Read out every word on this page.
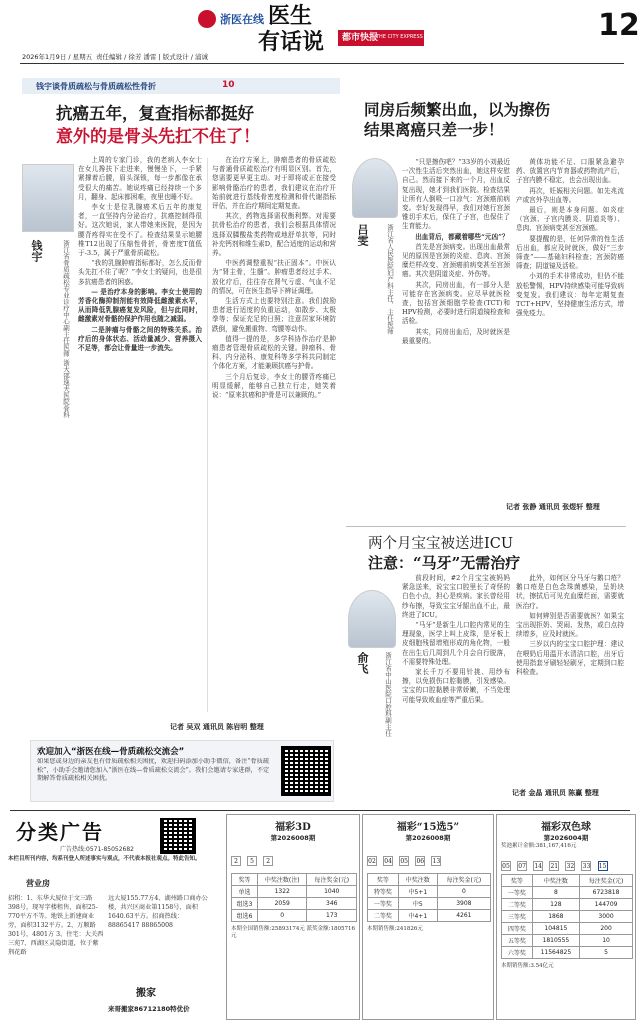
浙医在线 医生
有话说	都市快报
THE CITY EXPRESS	12
2026年1月9日 / 星期五 责任编辑 / 徐芳 潘雷 | 版式设计 / 浦诚
钱宇谈骨质疏松与骨质疏松性骨折	10
抗癌五年，复查指标都挺好
意外的是骨头先扛不住了！
钱宇	浙江省骨质疏松专业诊疗中心副主任医师 浙大邵逸夫医院骨科

上周的专家门诊，我的老病人李女士在女儿搀扶下走进来，慢慢坐下，一手紧紧撑着后腰，眉头深锁，每一步都像在承受很大的痛苦。她说疼痛已经持续一个多月，翻身、起床都困难，夜里也睡不好。

李女士是位乳腺癌术后五年的康复者，一直坚持内分泌治疗，抗癌控制得很好。这次她说，家人带她来医院，是因为腰背疼得实在受不了。检查结果显示她腰椎T12出现了压缩性骨折，骨密度T值低于-3.5，属于严重骨质疏松。

“我的乳腺肿瘤指标都好，怎么反而骨头先扛不住了呢？”李女士的疑问，也是很多抗癌患者的困惑。

— 是治疗本身的影响。李女士使用的芳香化酶抑制剂能有效降低雌激素水平，从而降低乳腺癌复发风险，但与此同时，雌激素对骨骼的保护作用也随之减弱。

二是肿瘤与骨骼之间的特殊关系。治疗后的身体状态、活动量减少、营养摄入不足等，都会让骨量进一步流失。

在治疗方案上，肿瘤患者的骨质疏松与普通骨质疏松治疗有明显区别。首先，您需要更早更主动。对于即将或正在接受影响骨骼治疗的患者，我们建议在治疗开始前就进行基线骨密度检测和骨代谢指标评估，并在治疗期间定期复查。

其次，药物选择需权衡利弊。对需要抗骨松治疗的患者，我们会根据具体情况选择双膦酸盐类药物或地舒单抗等，同时补充钙剂和维生素D，配合适度的运动和营养。

中医药调整重视“扶正固本”。中医认为“肾主骨，生髓”。肿瘤患者经过手术、放化疗后，往往存在肾气亏虚、气血不足的情况，可在医生指导下辨证调理。

生活方式上也要特别注意。我们鼓励患者进行适度的负重运动，如散步、太极拳等；保证充足的日照；注意居家环境防跌倒，避免搬重物、弯腰等动作。

值得一提的是，多学科协作治疗是肿瘤患者管理骨质疏松的关键。肿瘤科、骨科、内分泌科、康复科等多学科共同制定个体化方案，才能兼顾抗癌与护骨。

三个月后复诊，李女士的腰背疼痛已明显缓解，能够自己独立行走，她笑着说：“原来抗癌和护骨是可以兼顾的。”

记者 吴双 通讯员 陈岩明 整理
欢迎加入“浙医在线—骨质疏松交流会”
如果您或身边的亲友也有骨质疏松相关困扰，欢迎扫码添加小助手微信，备注“骨质疏松”，小助手会邀请您加入“浙医在线—骨质疏松交流会”。我们会邀请专家进群，不定期解答骨质疏松相关困扰。
同房后频繁出血，以为擦伤
结果离癌只差一步！
吕雯	浙江省人民医院妇产科主任、主任医师

“只是擦伤吧？”33岁的小刘最近一次性生活后突然出血，她这样安慰自己。然而接下来的一个月，出血反复出现，她才到我们医院。检查结果让所有人倒吸一口凉气：宫颈癌前病变。幸好发现得早，我们对她行宫颈锥切手术后，保住了子宫，也保住了生育能力。

出血背后，都藏着哪些“元凶”？

首先是宫颈病变。出现出血最常见的原因是宫颈的炎症、息肉、宫颈糜烂样改变、宫颈癌前病变甚至宫颈癌。其次是阴道炎症、外伤等。

其次，同房出血，有一部分人是可能存在宫颈病变。应尽早就医检查，包括宫颈细胞学检查(TCT)和HPV检测，必要时进行阴道镜检查和活检。

其实，同房出血后，及时就医是最重要的。

黄体功能不足、口服紧急避孕药、放置宫内节育器或药物流产后，子宫内膜不稳定，也会出现出血。

再次，妊娠相关问题。如先兆流产或宫外孕出血等。

最后，则是本身问题。如炎症（宫颈、子宫内膜炎、阴道炎等）、息肉、宫颈病变甚至宫颈癌。

要提醒的是，任何异常的性生活后出血，都应及时就医，做好“三步筛查”——基础妇科检查；宫颈防癌筛查；阴道镜及活检。

小刘的手术非常成功，但仍不能放松警惕，HPV持续感染可能导致病变复发。我们建议：每年定期复查TCT+HPV，坚持健康生活方式，增强免疫力。

记者 张静 通讯员 张煜轩 整理
两个月宝宝被送进ICU
注意：“马牙”无需治疗
俞飞	浙江省中山医院口腔科副主任

前段时间，#2个月宝宝被妈妈紧急送来，说宝宝口腔里长了奇怪的白色小点，担心是疾病。家长曾经用纱布擦，导致宝宝牙龈出血不止，最终进了ICU。

“马牙”是新生儿口腔内常见的生理现象，医学上叫上皮珠，是牙板上皮细胞残留增殖形成的角化物，一般在出生后几周到几个月会自行脱落，不需要特殊处理。

家长千万不要用针挑、用纱布擦，以免损伤口腔黏膜，引发感染。宝宝的口腔黏膜非常娇嫩，不当处理可能导致败血症等严重后果。

此外，如何区分马牙与鹅口疮？鹅口疮是白色念珠菌感染，呈奶块状，擦拭后可见充血糜烂面，需要就医治疗。

如何辨别是否需要就医？如果宝宝出现拒奶、哭闹、发热，或白点持续增多，应及时就医。

三岁以内的宝宝口腔护理：建议在喂奶后用温开水清洁口腔，出牙后使用指套牙刷轻轻刷牙，定期到口腔科检查。

记者 金晶 通讯员 陈赢 整理
分类广告
广告热线:0571-85052682
本栏目所刊内容，均系刊登人所述事实与观点，不代表本报社观点。特此告知。
营业房
招租：1、东华大厦位于文三路398号，现写字楼租售，面积25-770平方不等。地铁上新建商业旁，面积3132平方。2、万顺路301号，4801方 3、住宅：大关西三苑7、西湖区灵隐街道，位于紫荆花路
远大厦155.77方4、湖州路口商办公楼，共兴区商业第1158号，面积1640.63平方。招商热线：88865417 88865008
搬家
来哥搬家86712180特优价
福彩3D
第2026008期
2 5 2
奖等	中奖注数(注)	每注奖金(元)
单选	1322	1040
组选3	2059	346
组选6	0	173
本期全国销售额:25893174元 派奖金额:1805716元
福彩“15选5”
第2026008期
02 04 05 06 13
奖等	中奖注数	每注奖金(元)
特等奖	中5+1	0
一等奖	中5	3908
二等奖	中4+1	4261
本期销售额:241826元
福彩双色球
第2026004期
奖池累计金额:381,167,416元
05 07 14 21 32 33 15
奖等	中奖注数	每注奖金(元)
一等奖	8	6723818
二等奖	128	144709
三等奖	1868	3000
四等奖	104815	200
五等奖	1810555	10
六等奖	11564825	5
本期销售额:3.54亿元
